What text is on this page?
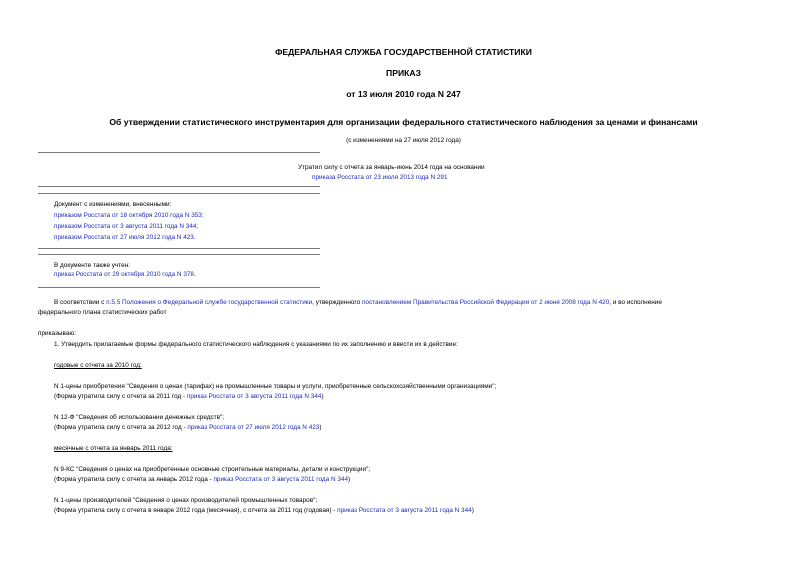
ФЕДЕРАЛЬНАЯ СЛУЖБА ГОСУДАРСТВЕННОЙ СТАТИСТИКИ
ПРИКАЗ
от 13 июля 2010 года N 247
Об утверждении статистического инструментария для организации федерального статистического наблюдения за ценами и финансами
(с изменениями на 27 июля 2012 года)
Утратил силу с отчета за январь-июнь 2014 года на основании
приказа Росстата от 23 июля 2013 года N 291
Документ с изменениями, внесенными:
приказом Росстата от 18 октября 2010 года N 353;
приказом Росстата от 3 августа 2011 года N 344;
приказом Росстата от 27 июля 2012 года N 423.
В документе также учтен:
приказ Росстата от 29 октября 2010 года N 378.
В соответствии с п.5.5 Положения о Федеральной службе государственной статистики, утвержденного постановлением Правительства Российской Федерации от 2 июня 2008 года N 420, и во исполнение
федерального плана статистических работ
приказываю:
1. Утвердить прилагаемые формы федерального статистического наблюдения с указаниями по их заполнению и ввести их в действие:
годовые с отчета за 2010 год:
N 1-цены приобретения "Сведения о ценах (тарифах) на промышленные товары и услуги, приобретенные сельскохозяйственными организациями";
(Форма утратила силу с отчета за 2011 год - приказ Росстата от 3 августа 2011 года N 344)
N 12-Ф "Сведения об использовании денежных средств";
(Форма утратила силу с отчета за 2012 год - приказ Росстата от 27 июля 2012 года N 423)
месячные с отчета за январь 2011 года:
N 9-КС "Сведения о ценах на приобретенные основные строительные материалы, детали и конструкции";
(Форма утратила силу с отчета за январь 2012 года - приказ Росстата от 3 августа 2011 года N 344)
N 1-цены производителей "Сведения о ценах производителей промышленных товаров";
(Форма утратила силу с отчета в январе 2012 года (месячная), с отчета за 2011 год (годовая) - приказ Росстата от 3 августа 2011 года N 344)
